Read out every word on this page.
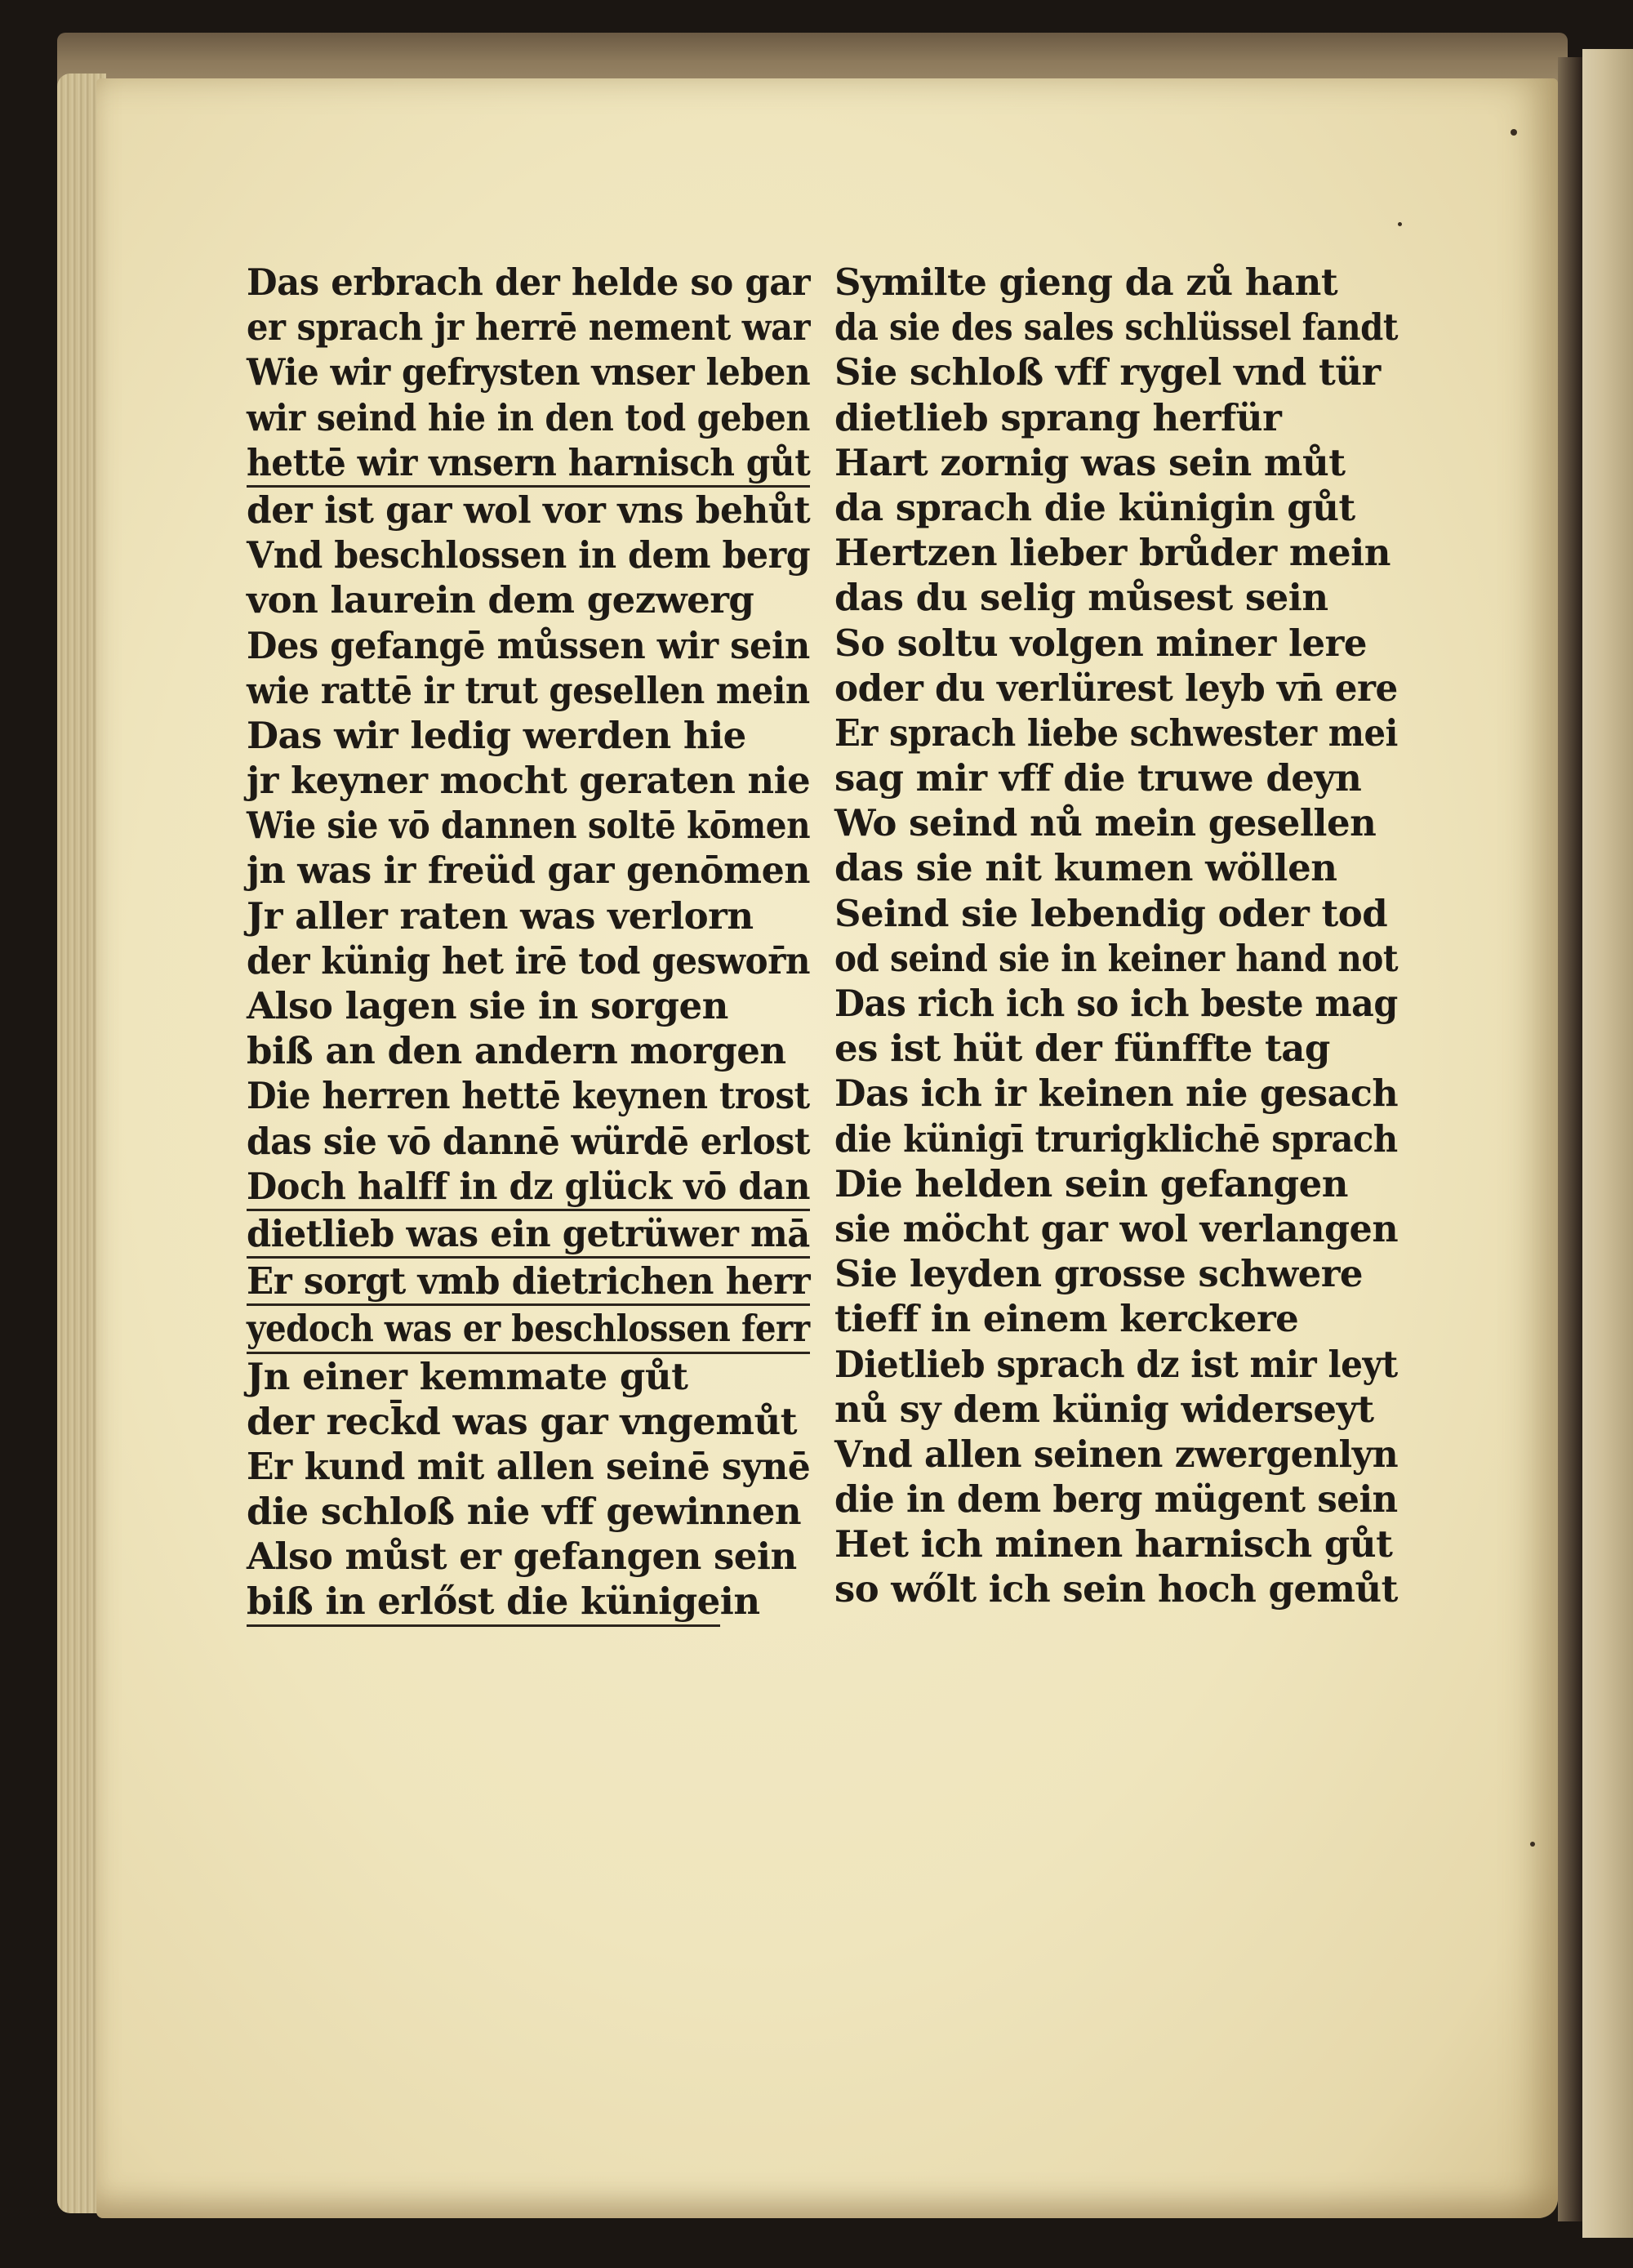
Das erbrach der helde so gar
er sprach jr herrē nement war
Wie wir gefrysten vnser leben
wir seind hie in den tod geben
hettē wir vnsern harnisch gůt
der ist gar wol vor vns behůt
Vnd beschlossen in dem berg
von laurein dem gezwerg
Des gefangē můssen wir sein
wie rattē ir trut gesellen mein
Das wir ledig werden hie
jr keyner mocht geraten nie
Wie sie vō dannen soltē kōmen
jn was ir freüd gar genōmen
Jr aller raten was verlorn
der künig het irē tod geswor̄n
Also lagen sie in sorgen
biß an den andern morgen
Die herren hettē keynen trost
das sie vō dannē würdē erlost
Doch halff in dz glück vō dan
dietlieb was ein getrüwer mā
Er sorgt vmb dietrichen herr
yedoch was er beschlossen ferr
Jn einer kemmate gůt
der reck̄d was gar vngemůt
Er kund mit allen seinē synē
die schloß nie vff gewinnen
Also můst er gefangen sein
biß in erlőst die künigein
Symilte gieng da zů hant
da sie des sales schlüssel fandt
Sie schloß vff rygel vnd tür
dietlieb sprang herfür
Hart zornig was sein můt
da sprach die künigin gůt
Hertzen lieber brůder mein
das du selig můsest sein
So soltu volgen miner lere
oder du verlürest leyb vn̄ ere
Er sprach liebe schwester mei
sag mir vff die truwe deyn
Wo seind nů mein gesellen
das sie nit kumen wöllen
Seind sie lebendig oder tod
od seind sie in keiner hand not
Das rich ich so ich beste mag
es ist hüt der fünffte tag
Das ich ir keinen nie gesach
die künigī trurigklichē sprach
Die helden sein gefangen
sie möcht gar wol verlangen
Sie leyden grosse schwere
tieff in einem kerckere
Dietlieb sprach dz ist mir leyt
nů sy dem künig widerseyt
Vnd allen seinen zwergenlyn
die in dem berg mügent sein
Het ich minen harnisch gůt
so wőlt ich sein hoch gemůt
